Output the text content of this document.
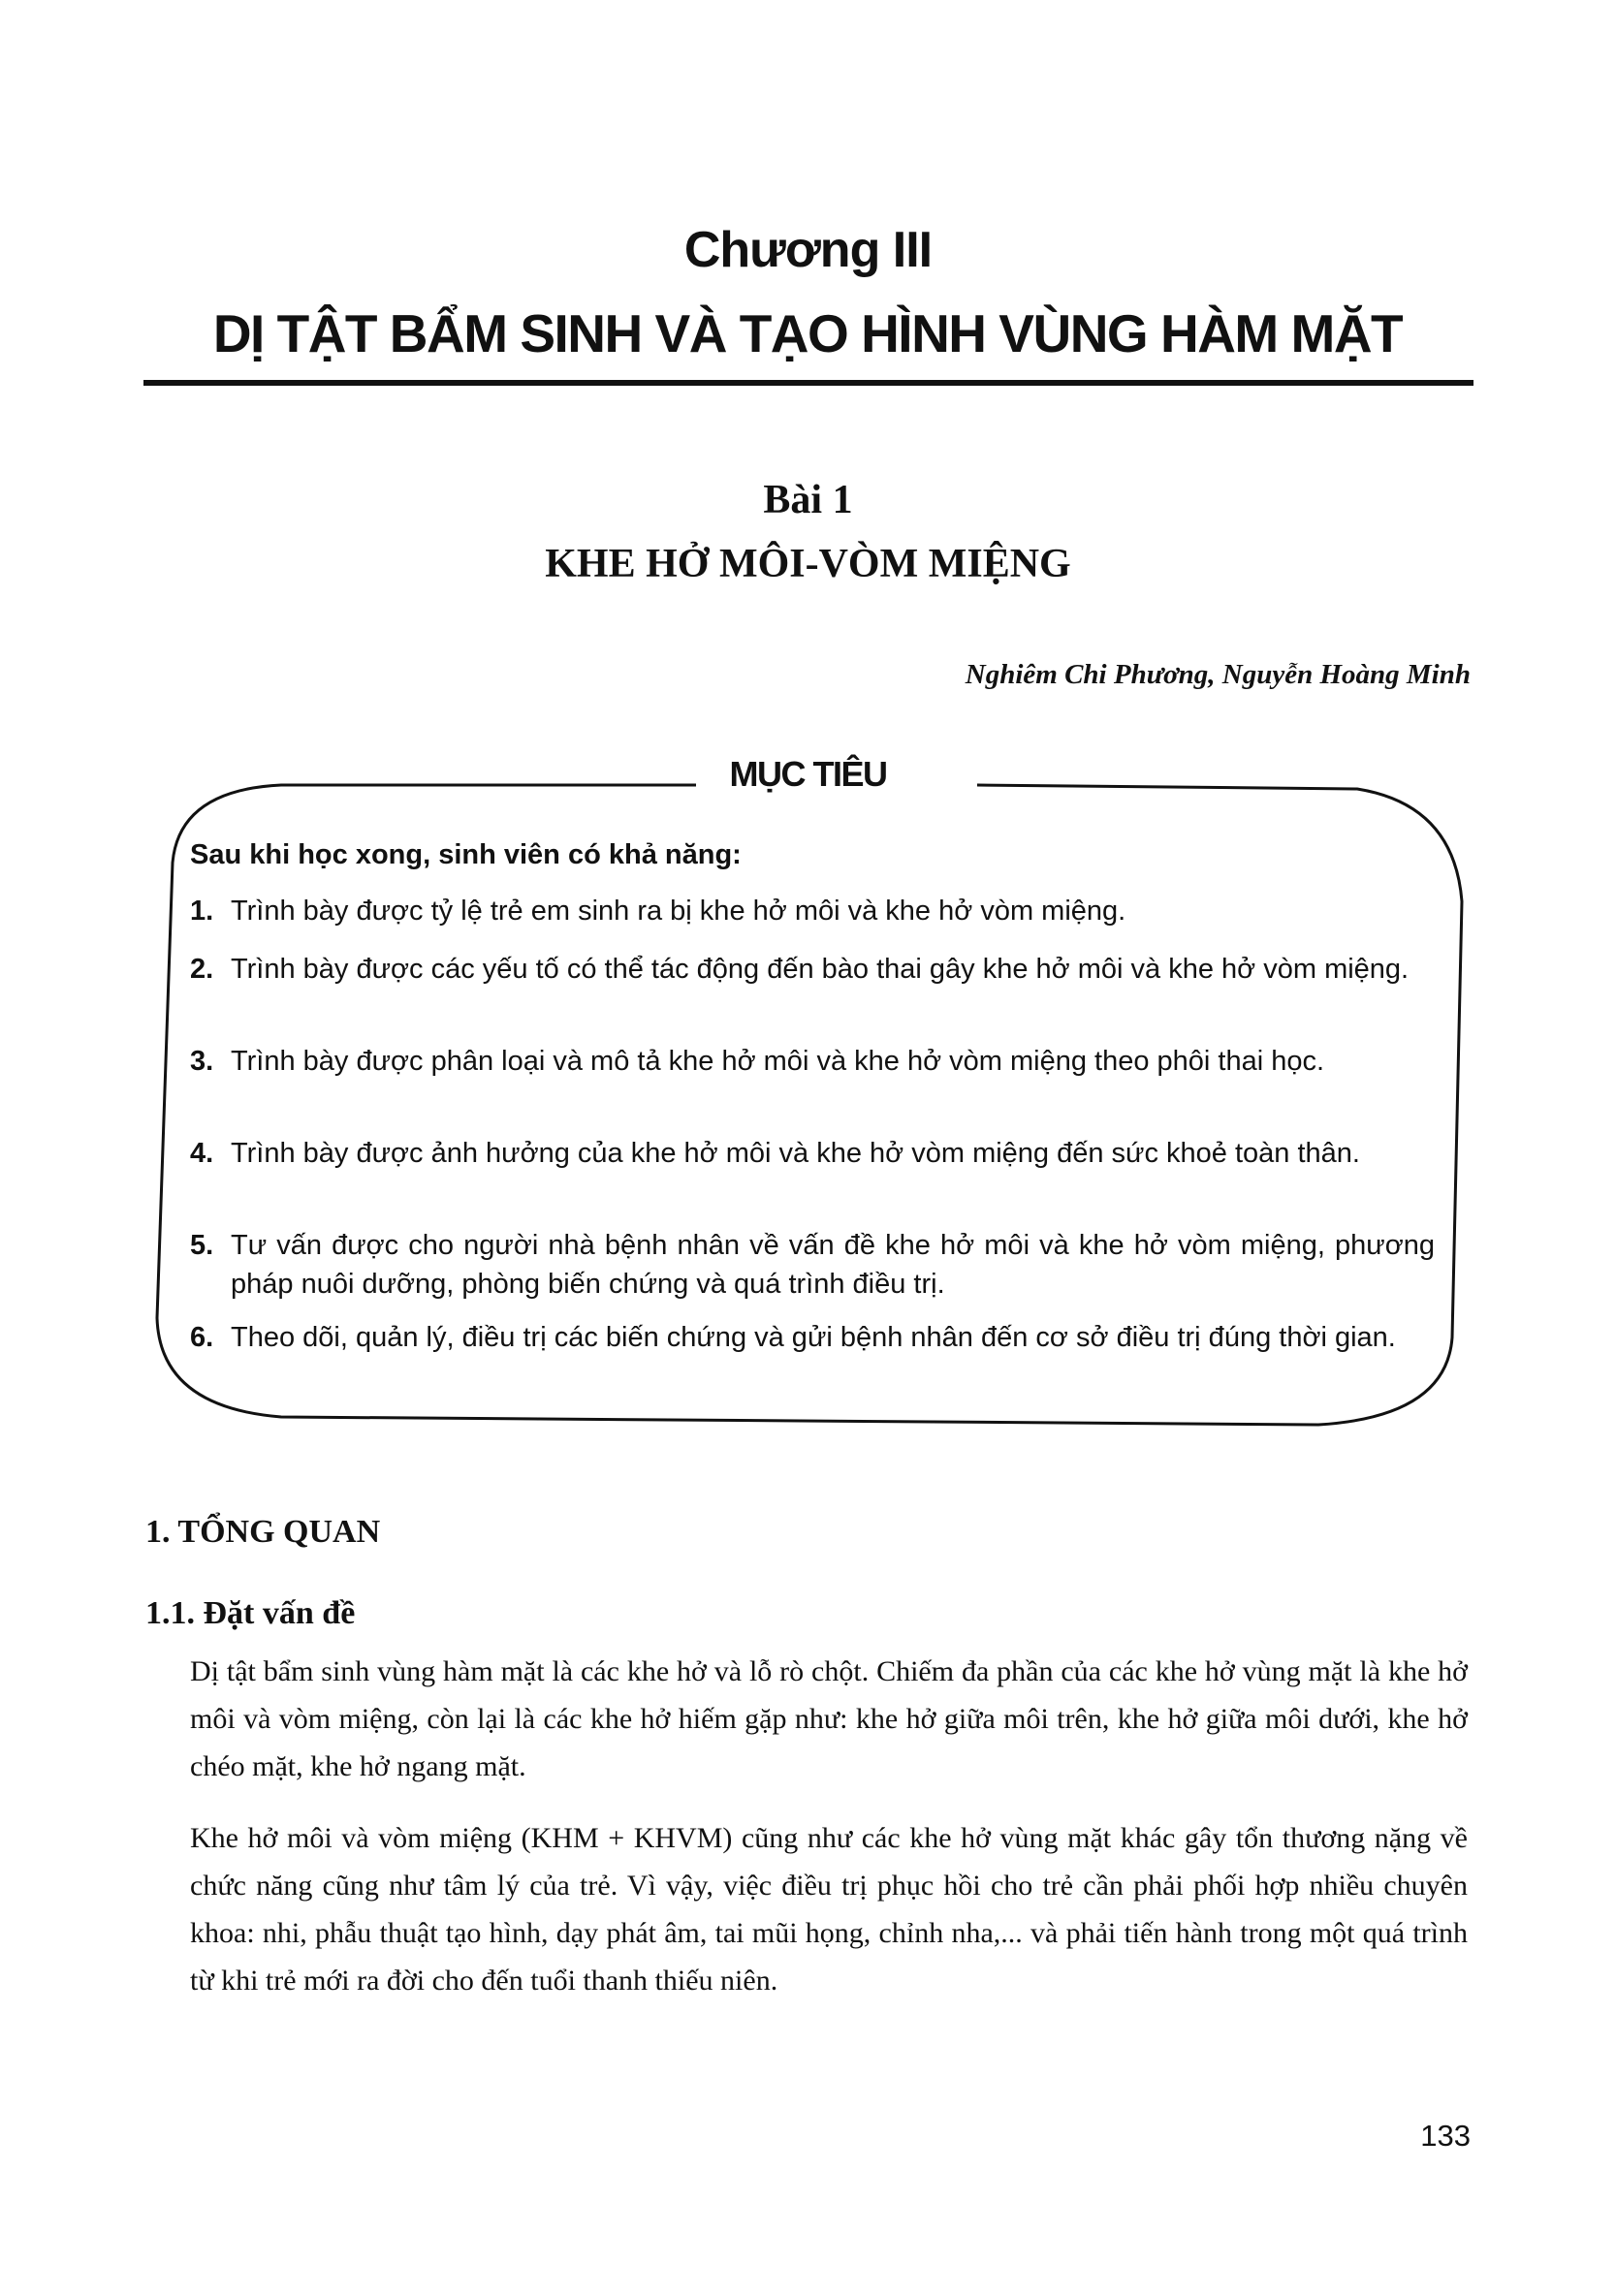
Chương III
DỊ TẬT BẨM SINH VÀ TẠO HÌNH VÙNG HÀM MẶT
Bài 1
KHE HỞ MÔI-VÒM MIỆNG
Nghiêm Chi Phương, Nguyễn Hoàng Minh
MỤC TIÊU
Sau khi học xong, sinh viên có khả năng:
1. Trình bày được tỷ lệ trẻ em sinh ra bị khe hở môi và khe hở vòm miệng.
2. Trình bày được các yếu tố có thể tác động đến bào thai gây khe hở môi và khe hở vòm miệng.
3. Trình bày được phân loại và mô tả khe hở môi và khe hở vòm miệng theo phôi thai học.
4. Trình bày được ảnh hưởng của khe hở môi và khe hở vòm miệng đến sức khoẻ toàn thân.
5. Tư vấn được cho người nhà bệnh nhân về vấn đề khe hở môi và khe hở vòm miệng, phương pháp nuôi dưỡng, phòng biến chứng và quá trình điều trị.
6. Theo dõi, quản lý, điều trị các biến chứng và gửi bệnh nhân đến cơ sở điều trị đúng thời gian.
1. TỔNG QUAN
1.1. Đặt vấn đề

Dị tật bẩm sinh vùng hàm mặt là các khe hở và lỗ rò chột. Chiếm đa phần của các khe hở vùng mặt là khe hở môi và vòm miệng, còn lại là các khe hở hiếm gặp như: khe hở giữa môi trên, khe hở giữa môi dưới, khe hở chéo mặt, khe hở ngang mặt.

Khe hở môi và vòm miệng (KHM + KHVM) cũng như các khe hở vùng mặt khác gây tổn thương nặng về chức năng cũng như tâm lý của trẻ. Vì vậy, việc điều trị phục hồi cho trẻ cần phải phối hợp nhiều chuyên khoa: nhi, phẫu thuật tạo hình, dạy phát âm, tai mũi họng, chỉnh nha,... và phải tiến hành trong một quá trình từ khi trẻ mới ra đời cho đến tuổi thanh thiếu niên.

133
